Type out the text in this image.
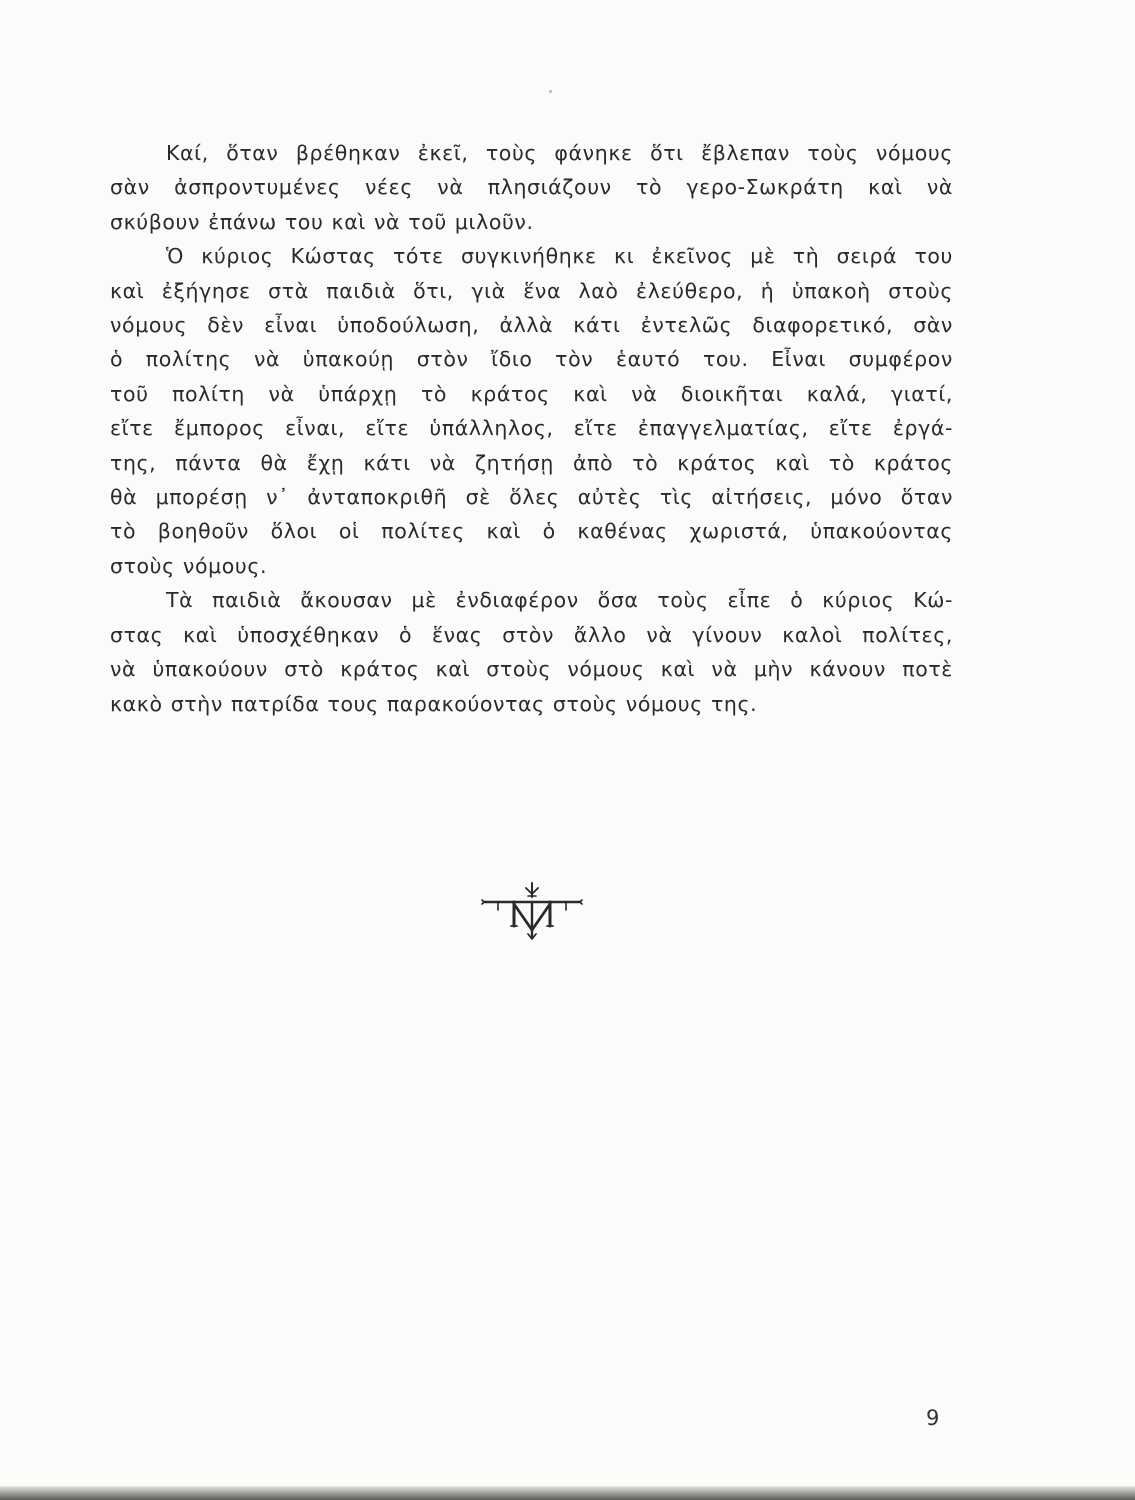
Καί, ὅταν βρέθηκαν ἐκεῖ, τοὺς φάνηκε ὅτι ἔβλεπαν τοὺς νόμους
σὰν ἀσπροντυμένες νέες νὰ πλησιάζουν τὸ γερο-Σωκράτη καὶ νὰ
σκύβουν ἐπάνω του καὶ νὰ τοῦ μιλοῦν.

Ὁ κύριος Κώστας τότε συγκινήθηκε κι ἐκεῖνος μὲ τὴ σειρά του
καὶ ἐξήγησε στὰ παιδιὰ ὅτι, γιὰ ἕνα λαὸ ἐλεύθερο, ἡ ὑπακοὴ στοὺς
νόμους δὲν εἶναι ὑποδούλωση, ἀλλὰ κάτι ἐντελῶς διαφορετικό, σὰν
ὁ πολίτης νὰ ὑπακούῃ στὸν ἴδιο τὸν ἑαυτό του. Εἶναι συμφέρον
τοῦ πολίτη νὰ ὑπάρχῃ τὸ κράτος καὶ νὰ διοικῆται καλά, γιατί,
εἴτε ἔμπορος εἶναι, εἴτε ὑπάλληλος, εἴτε ἐπαγγελματίας, εἴτε ἐργά-
της, πάντα θὰ ἔχῃ κάτι νὰ ζητήσῃ ἀπὸ τὸ κράτος καὶ τὸ κράτος
θὰ μπορέσῃ ν᾿ ἀνταποκριθῆ σὲ ὅλες αὐτὲς τὶς αἰτήσεις, μόνο ὅταν
τὸ βοηθοῦν ὅλοι οἱ πολίτες καὶ ὁ καθένας χωριστά, ὑπακούοντας
στοὺς νόμους.

Τὰ παιδιὰ ἄκουσαν μὲ ἐνδιαφέρον ὅσα τοὺς εἶπε ὁ κύριος Κώ-
στας καὶ ὑποσχέθηκαν ὁ ἕνας στὸν ἄλλο νὰ γίνουν καλοὶ πολίτες,
νὰ ὑπακούουν στὸ κράτος καὶ στοὺς νόμους καὶ νὰ μὴν κάνουν ποτὲ
κακὸ στὴν πατρίδα τους παρακούοντας στοὺς νόμους της.

9
